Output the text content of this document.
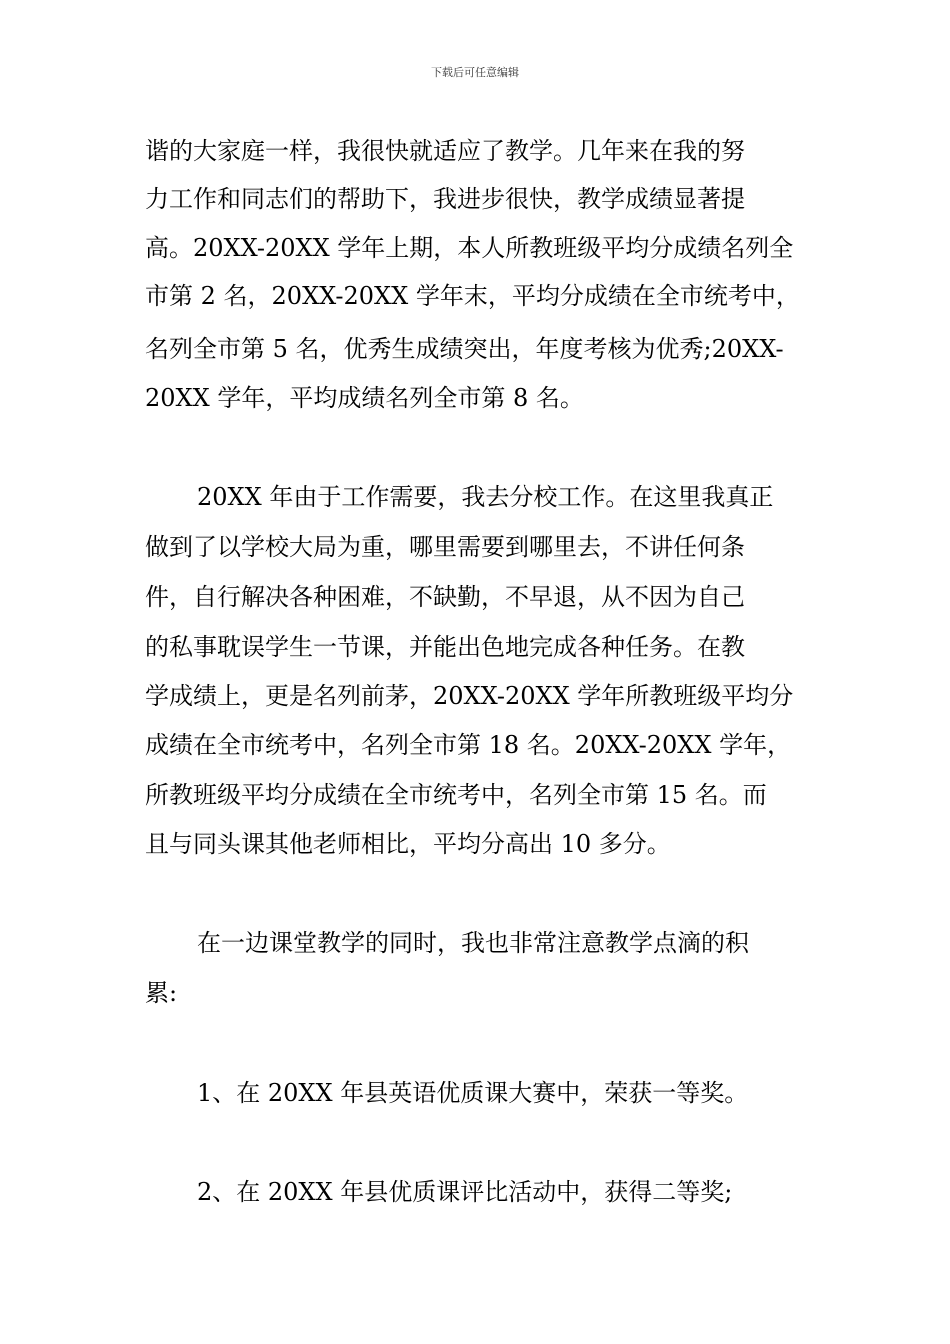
下载后可任意编辑
谐的大家庭一样，我很快就适应了教学。几年来在我的努
力工作和同志们的帮助下，我进步很快，教学成绩显著提
高。20XX-20XX 学年上期，本人所教班级平均分成绩名列全
市第 2 名，20XX-20XX 学年末，平均分成绩在全市统考中，
名列全市第 5 名，优秀生成绩突出，年度考核为优秀;20XX-
20XX 学年，平均成绩名列全市第 8 名。
20XX 年由于工作需要，我去分校工作。在这里我真正
做到了以学校大局为重，哪里需要到哪里去，不讲任何条
件，自行解决各种困难，不缺勤，不早退，从不因为自己
的私事耽误学生一节课，并能出色地完成各种任务。在教
学成绩上，更是名列前茅，20XX-20XX 学年所教班级平均分
成绩在全市统考中，名列全市第 18 名。20XX-20XX 学年，
所教班级平均分成绩在全市统考中，名列全市第 15 名。而
且与同头课其他老师相比，平均分高出 10 多分。
在一边课堂教学的同时，我也非常注意教学点滴的积
累:
1、在 20XX 年县英语优质课大赛中，荣获一等奖。
2、在 20XX 年县优质课评比活动中，获得二等奖;
